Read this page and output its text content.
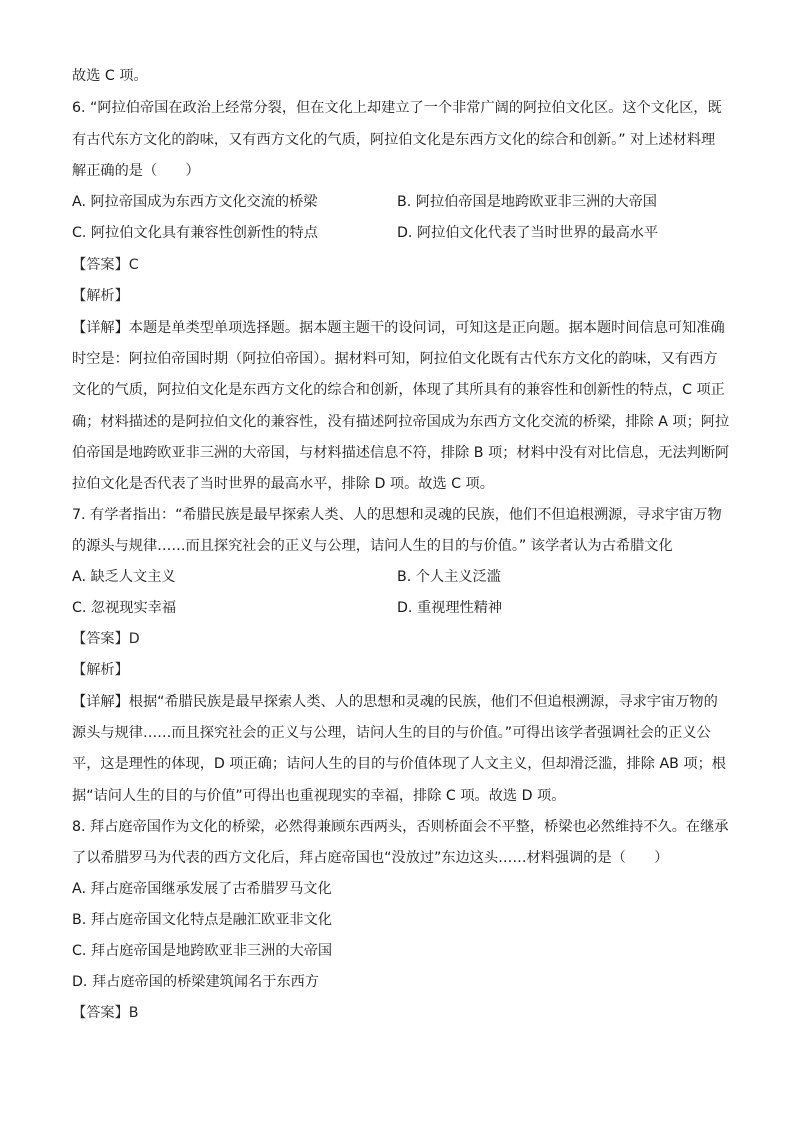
故选 C 项。
6. “阿拉伯帝国在政治上经常分裂，但在文化上却建立了一个非常广阔的阿拉伯文化区。这个文化区，既
有古代东方文化的韵味，又有西方文化的气质，阿拉伯文化是东西方文化的综合和创新。” 对上述材料理
解正确的是（　　）
A. 阿拉帝国成为东西方文化交流的桥梁	B. 阿拉伯帝国是地跨欧亚非三洲的大帝国
C. 阿拉伯文化具有兼容性创新性的特点	D. 阿拉伯文化代表了当时世界的最高水平
【答案】C
【解析】
【详解】本题是单类型单项选择题。据本题主题干的设问词，可知这是正向题。据本题时间信息可知准确
时空是：阿拉伯帝国时期（阿拉伯帝国）。据材料可知，阿拉伯文化既有古代东方文化的韵味，又有西方
文化的气质，阿拉伯文化是东西方文化的综合和创新，体现了其所具有的兼容性和创新性的特点，C 项正
确；材料描述的是阿拉伯文化的兼容性，没有描述阿拉帝国成为东西方文化交流的桥梁，排除 A 项；阿拉
伯帝国是地跨欧亚非三洲的大帝国，与材料描述信息不符，排除 B 项；材料中没有对比信息，无法判断阿
拉伯文化是否代表了当时世界的最高水平，排除 D 项。故选 C 项。
7. 有学者指出：“希腊民族是最早探索人类、人的思想和灵魂的民族，他们不但追根溯源，寻求宇宙万物
的源头与规律……而且探究社会的正义与公理，诘问人生的目的与价值。” 该学者认为古希腊文化
A. 缺乏人文主义	B. 个人主义泛滥
C. 忽视现实幸福	D. 重视理性精神
【答案】D
【解析】
【详解】根据“希腊民族是最早探索人类、人的思想和灵魂的民族，他们不但追根溯源，寻求宇宙万物的
源头与规律……而且探究社会的正义与公理，诘问人生的目的与价值。”可得出该学者强调社会的正义公
平，这是理性的体现，D 项正确；诘问人生的目的与价值体现了人文主义，但却滑泛滥，排除 AB 项；根
据“诘问人生的目的与价值”可得出也重视现实的幸福，排除 C 项。故选 D 项。
8. 拜占庭帝国作为文化的桥梁，必然得兼顾东西两头，否则桥面会不平整，桥梁也必然维持不久。在继承
了以希腊罗马为代表的西方文化后，拜占庭帝国也“没放过”东边这头……材料强调的是（　　）
A. 拜占庭帝国继承发展了古希腊罗马文化
B. 拜占庭帝国文化特点是融汇欧亚非文化
C. 拜占庭帝国是地跨欧亚非三洲的大帝国
D. 拜占庭帝国的桥梁建筑闻名于东西方
【答案】B
